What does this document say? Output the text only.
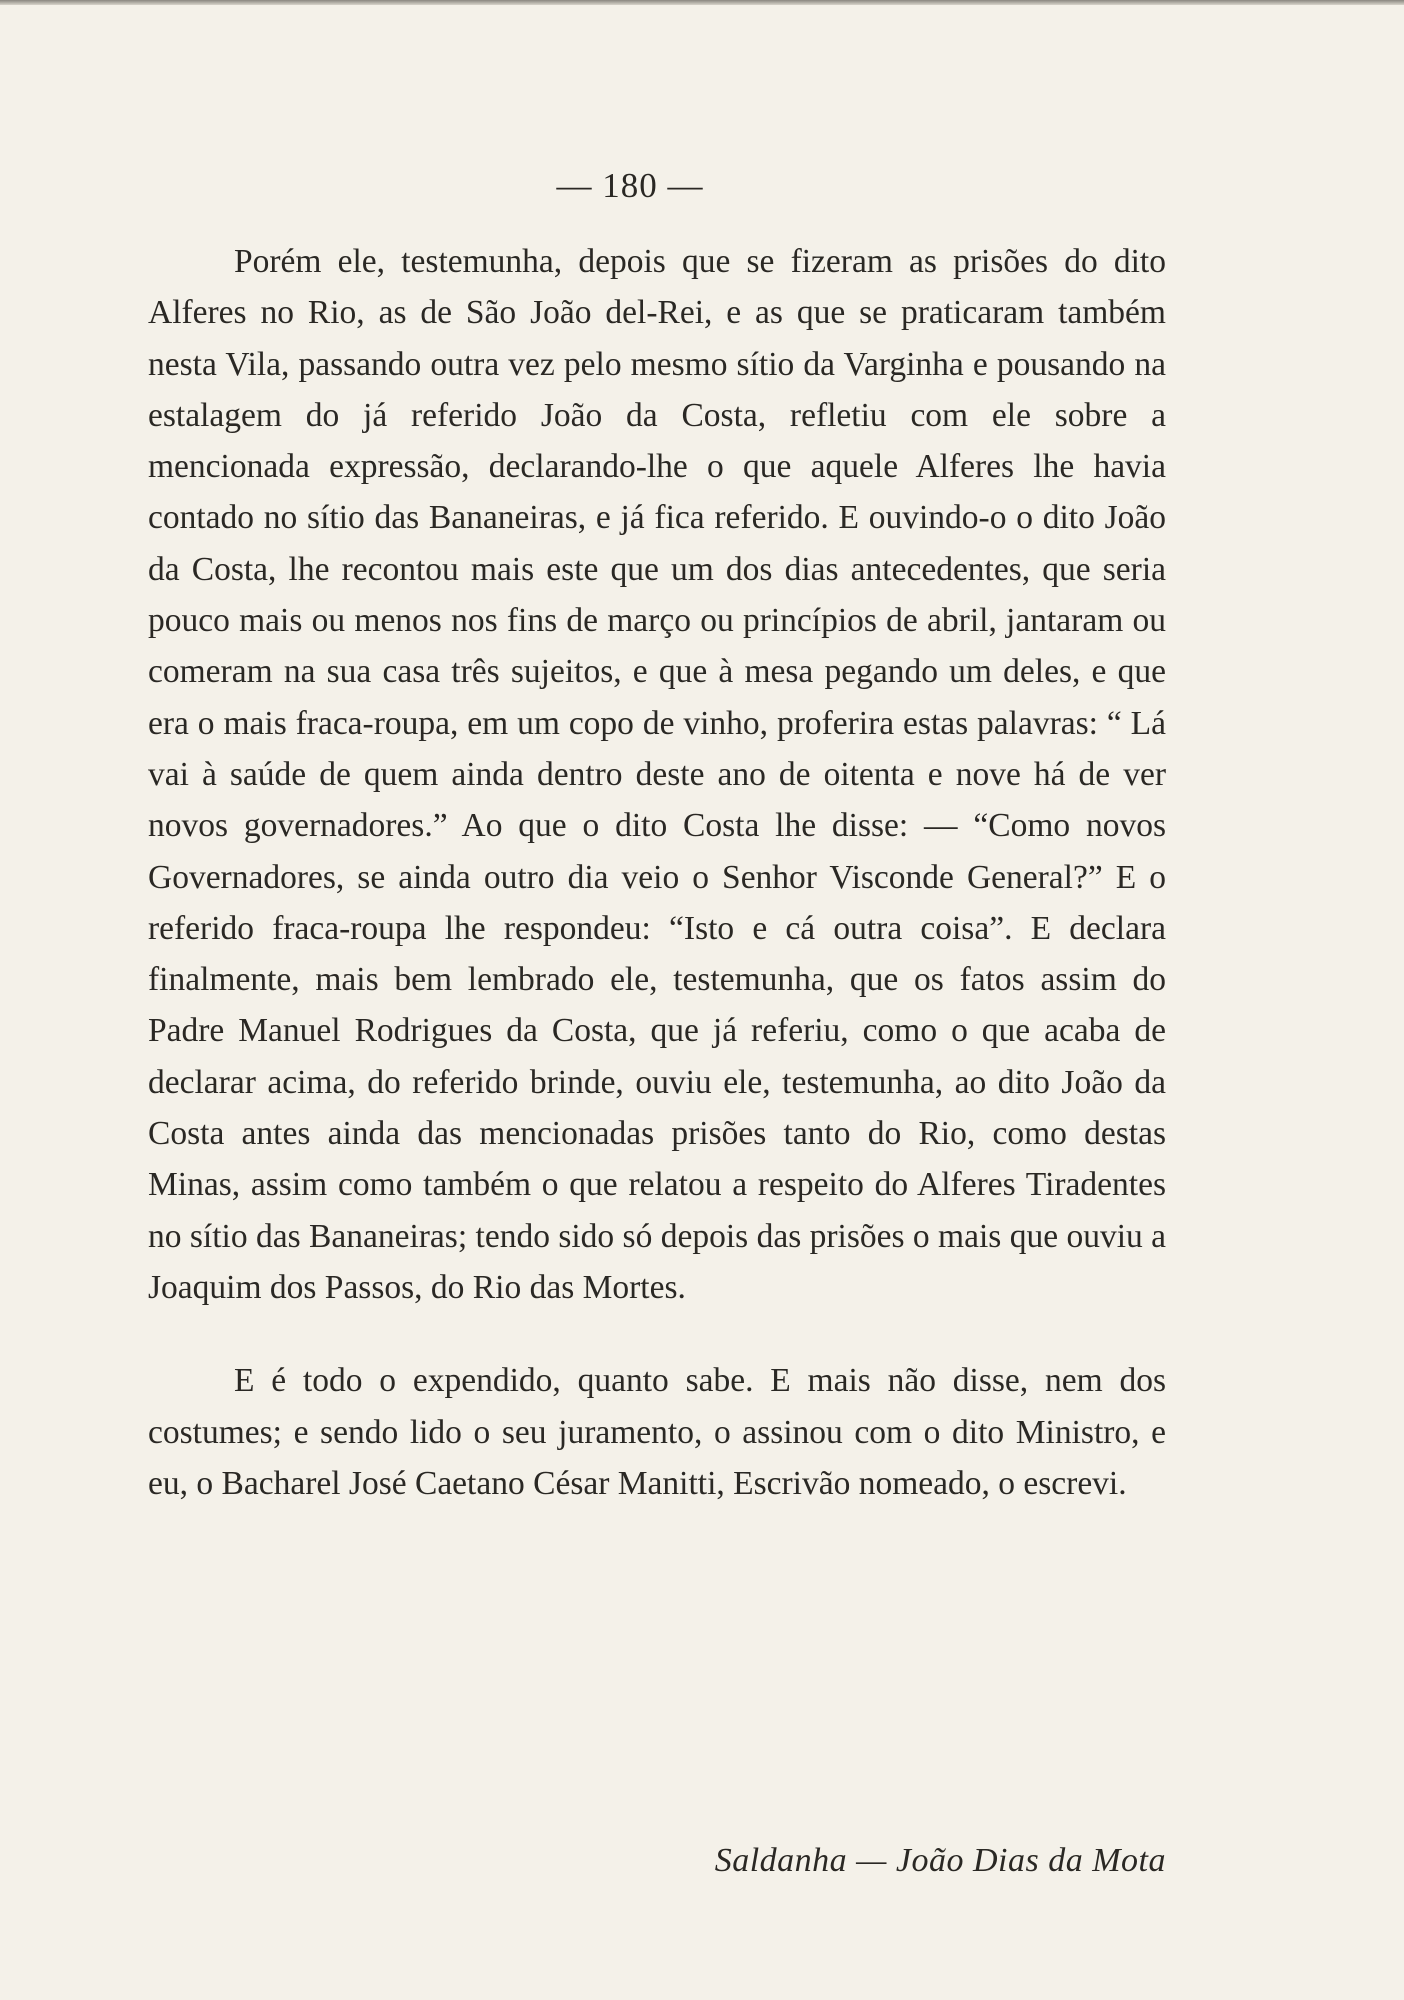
— 180 —

Porém ele, testemunha, depois que se fizeram as prisões do dito Alferes no Rio, as de São João del-Rei, e as que se praticaram também nesta Vila, passando outra vez pelo mesmo sítio da Varginha e pousando na estalagem do já referido João da Costa, refletiu com ele sobre a mencionada expressão, declarando-lhe o que aquele Alferes lhe havia contado no sítio das Bananeiras, e já fica referido. E ouvindo-o o dito João da Costa, lhe recontou mais este que um dos dias antecedentes, que seria pouco mais ou menos nos fins de março ou princípios de abril, jantaram ou comeram na sua casa três sujeitos, e que à mesa pegando um deles, e que era o mais fraca-roupa, em um copo de vinho, proferira estas palavras: “ Lá vai à saúde de quem ainda dentro deste ano de oitenta e nove há de ver novos governadores.” Ao que o dito Costa lhe disse: — “Como novos Governadores, se ainda outro dia veio o Senhor Visconde General?” E o referido fraca-roupa lhe respondeu: “Isto e cá outra coisa”. E declara finalmente, mais bem lembrado ele, testemunha, que os fatos assim do Padre Manuel Rodrigues da Costa, que já referiu, como o que acaba de declarar acima, do referido brinde, ouviu ele, testemunha, ao dito João da Costa antes ainda das mencionadas prisões tanto do Rio, como destas Minas, assim como também o que relatou a respeito do Alferes Tiradentes no sítio das Bananeiras; tendo sido só depois das prisões o mais que ouviu a Joaquim dos Passos, do Rio das Mortes.

E é todo o expendido, quanto sabe. E mais não disse, nem dos costumes; e sendo lido o seu juramento, o assinou com o dito Ministro, e eu, o Bacharel José Caetano César Manitti, Escrivão nomeado, o escrevi.

Saldanha — João Dias da Mota
